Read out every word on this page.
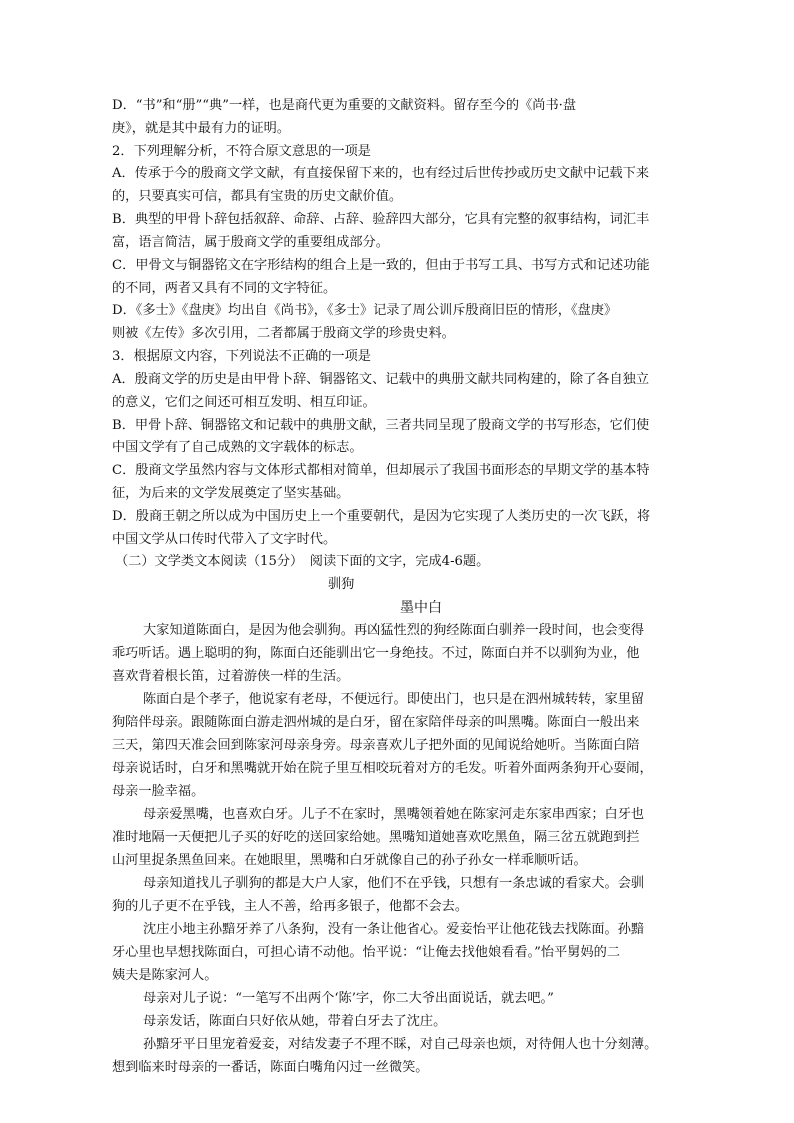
D．“书”和“册”“典”一样，也是商代更为重要的文献资料。留存至今的《尚书·盘
庚》，就是其中最有力的证明。
2．下列理解分析，不符合原文意思的一项是
A．传承于今的殷商文学文献，有直接保留下来的，也有经过后世传抄或历史文献中记载下来
的，只要真实可信，都具有宝贵的历史文献价值。
B．典型的甲骨卜辞包括叙辞、命辞、占辞、验辞四大部分，它具有完整的叙事结构，词汇丰
富，语言简洁，属于殷商文学的重要组成部分。
C．甲骨文与铜器铭文在字形结构的组合上是一致的，但由于书写工具、书写方式和记述功能
的不同，两者又具有不同的文字特征。
D．《多士》《盘庚》均出自《尚书》，《多士》记录了周公训斥殷商旧臣的情形，《盘庚》
则被《左传》多次引用，二者都属于殷商文学的珍贵史料。
3．根据原文内容，下列说法不正确的一项是
A．殷商文学的历史是由甲骨卜辞、铜器铭文、记载中的典册文献共同构建的，除了各自独立
的意义，它们之间还可相互发明、相互印证。
B．甲骨卜辞、铜器铭文和记载中的典册文献，三者共同呈现了殷商文学的书写形态，它们使
中国文学有了自己成熟的文字载体的标志。
C．殷商文学虽然内容与文体形式都相对简单，但却展示了我国书面形态的早期文学的基本特
征，为后来的文学发展奠定了坚实基础。
D．殷商王朝之所以成为中国历史上一个重要朝代，是因为它实现了人类历史的一次飞跃，将
中国文学从口传时代带入了文字时代。
（二）文学类文本阅读（15分）　阅读下面的文字，完成4-6题。
驯狗
墨中白
大家知道陈面白，是因为他会驯狗。再凶猛性烈的狗经陈面白驯养一段时间，也会变得
乖巧听话。遇上聪明的狗，陈面白还能驯出它一身绝技。不过，陈面白并不以驯狗为业，他
喜欢背着根长笛，过着游侠一样的生活。
陈面白是个孝子，他说家有老母，不便远行。即使出门，也只是在泗州城转转，家里留
狗陪伴母亲。跟随陈面白游走泗州城的是白牙，留在家陪伴母亲的叫黑嘴。陈面白一般出来
三天，第四天准会回到陈家河母亲身旁。母亲喜欢儿子把外面的见闻说给她听。当陈面白陪
母亲说话时，白牙和黑嘴就开始在院子里互相咬玩着对方的毛发。听着外面两条狗开心耍闹，
母亲一脸幸福。
母亲爱黑嘴，也喜欢白牙。儿子不在家时，黑嘴领着她在陈家河走东家串西家；白牙也
准时地隔一天便把儿子买的好吃的送回家给她。黑嘴知道她喜欢吃黑鱼，隔三岔五就跑到拦
山河里捉条黑鱼回来。在她眼里，黑嘴和白牙就像自己的孙子孙女一样乖顺听话。
母亲知道找儿子驯狗的都是大户人家，他们不在乎钱，只想有一条忠诚的看家犬。会驯
狗的儿子更不在乎钱，主人不善，给再多银子，他都不会去。
沈庄小地主孙黯牙养了八条狗，没有一条让他省心。爱妾怡平让他花钱去找陈面。孙黯
牙心里也早想找陈面白，可担心请不动他。怡平说：“让俺去找他娘看看。”怡平舅妈的二
姨夫是陈家河人。
母亲对儿子说：“一笔写不出两个‘陈’字，你二大爷出面说话，就去吧。”
母亲发话，陈面白只好依从她，带着白牙去了沈庄。
孙黯牙平日里宠着爱妾，对结发妻子不理不睬，对自己母亲也烦，对待佣人也十分刻薄。
想到临来时母亲的一番话，陈面白嘴角闪过一丝微笑。
